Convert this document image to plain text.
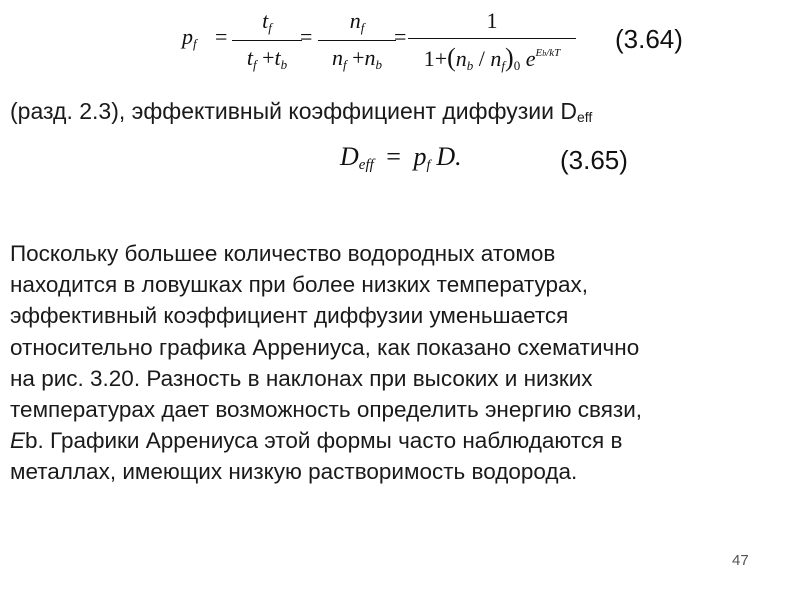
$p_f$ =
$t_f$
$t_f +t_b$
=
$n_f$
$n_f +n_b$
=
1
$1+(n_b / n_f)_0$ $e^{Eb/kT}$	(3.64)
(разд. 2.3), эффективный коэффициент диффузии Deff
$D_{eff} = p_f$ D.	(3.65)

Поскольку большее количество водородных атомов
находится в ловушках при более низких температурах,
эффективный коэффициент диффузии уменьшается
относительно графика Аррениуса, как показано схематично
на рис. 3.20. Разность в наклонах при высоких и низких
температурах дает возможность определить энергию связи,
Eb. Графики Аррениуса этой формы часто наблюдаются в
металлах, имеющих низкую растворимость водорода.

47
